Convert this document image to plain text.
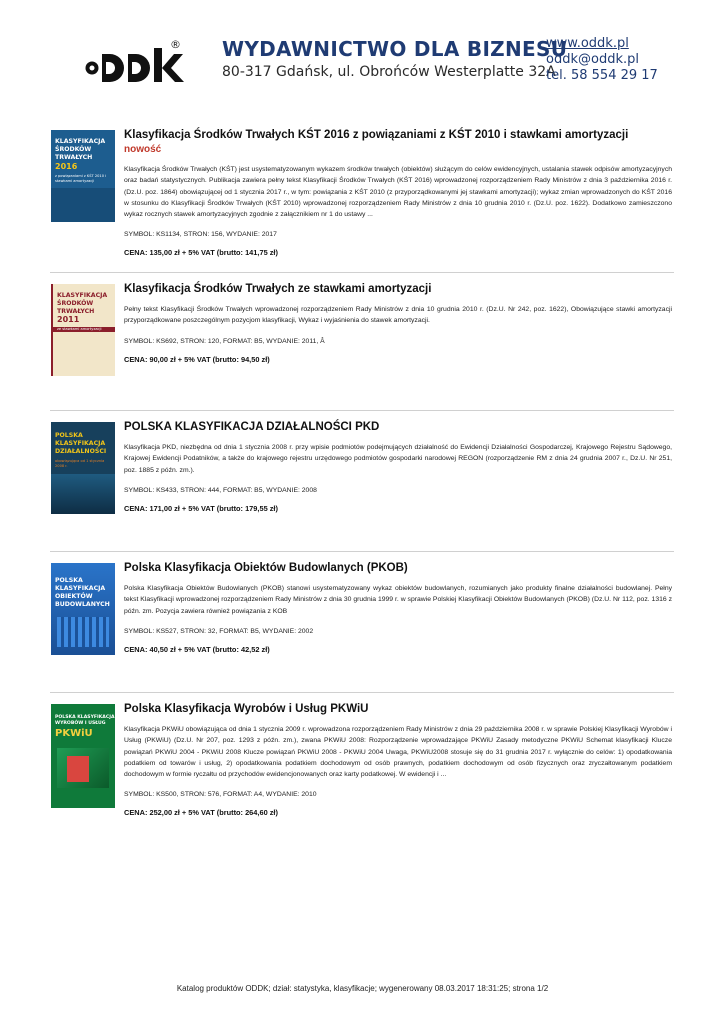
® WYDAWNICTWO DLA BIZNESU
80-317 Gdańsk, ul. Obrońców Westerplatte 32A
www.oddk.pl
oddk@oddk.pl
tel. 58 554 29 17
KLASYFIKACJA
ŚRODKÓW
TRWAŁYCH
2016
z powiązaniami z KŚT 2010 i stawkami amortyzacji
Klasyfikacja Środków Trwałych KŚT 2016 z powiązaniami z KŚT 2010 i stawkami amortyzacji
nowość
Klasyfikacja Środków Trwałych (KŚT) jest usystematyzowanym wykazem środków trwałych (obiektów) służącym do celów ewidencyjnych, ustalania stawek odpisów amortyzacyjnych oraz badań statystycznych. Publikacja zawiera pełny tekst Klasyfikacji Środków Trwałych (KŚT 2016) wprowadzonej rozporządzeniem Rady Ministrów z dnia 3 października 2016 r. (Dz.U. poz. 1864) obowiązującej od 1 stycznia 2017 r., w tym: powiązania z KŚT 2010 (z przyporządkowanymi jej stawkami amortyzacji); wykaz zmian wprowadzonych do KŚT 2016 w stosunku do Klasyfikacji Środków Trwałych (KŚT 2010) wprowadzonej rozporządzeniem Rady Ministrów z dnia 10 grudnia 2010 r. (Dz.U. poz. 1622). Dodatkowo zamieszczono wykaz rocznych stawek amortyzacyjnych zgodnie z załącznikiem nr 1 do ustawy ...
SYMBOL: KS1134, STRON: 156, WYDANIE: 2017
CENA: 135,00 zł + 5% VAT (brutto: 141,75 zł)
KLASYFIKACJA
ŚRODKÓW
TRWAŁYCH
2011
ze stawkami amortyzacji
Klasyfikacja Środków Trwałych ze stawkami amortyzacji
Pełny tekst Klasyfikacji Środków Trwałych wprowadzonej rozporządzeniem Rady Ministrów z dnia 10 grudnia 2010 r. (Dz.U. Nr 242, poz. 1622), Obowiązujące stawki amortyzacji przyporządkowane poszczególnym pozycjom klasyfikacji, Wykaz i wyjaśnienia do stawek amortyzacji.
SYMBOL: KS692, STRON: 120, FORMAT: B5, WYDANIE: 2011, Â
CENA: 90,00 zł + 5% VAT (brutto: 94,50 zł)
POLSKA
KLASYFIKACJA
DZIAŁALNOŚCI
obowiązująca od 1 stycznia 2008 r.
POLSKA KLASYFIKACJA DZIAŁALNOŚCI PKD
Klasyfikacja PKD, niezbędna od dnia 1 stycznia 2008 r. przy wpisie podmiotów podejmujących działalność do Ewidencji Działalności Gospodarczej, Krajowego Rejestru Sądowego, Krajowej Ewidencji Podatników, a także do krajowego rejestru urzędowego podmiotów gospodarki narodowej REGON (rozporządzenie RM z dnia 24 grudnia 2007 r., Dz.U. Nr 251, poz. 1885 z późn. zm.).
SYMBOL: KS433, STRON: 444, FORMAT: B5, WYDANIE: 2008
CENA: 171,00 zł + 5% VAT (brutto: 179,55 zł)
POLSKA
KLASYFIKACJA
OBIEKTÓW
BUDOWLANYCH
Polska Klasyfikacja Obiektów Budowlanych (PKOB)
Polska Klasyfikacja Obiektów Budowlanych (PKOB) stanowi usystematyzowany wykaz obiektów budowlanych, rozumianych jako produkty finalne działalności budowlanej. Pełny tekst Klasyfikacji wprowadzonej rozporządzeniem Rady Ministrów z dnia 30 grudnia 1999 r. w sprawie Polskiej Klasyfikacji Obiektów Budowlanych (PKOB) (Dz.U. Nr 112, poz. 1316 z późn. zm. Pozycja zawiera również powiązania z KOB
SYMBOL: KS527, STRON: 32, FORMAT: B5, WYDANIE: 2002
CENA: 40,50 zł + 5% VAT (brutto: 42,52 zł)
POLSKA KLASYFIKACJA
WYROBÓW I USŁUG
PKWiU
Polska Klasyfikacja Wyrobów i Usług PKWiU
Klasyfikacja PKWiU obowiązująca od dnia 1 stycznia 2009 r. wprowadzona rozporządzeniem Rady Ministrów z dnia 29 października 2008 r. w sprawie Polskiej Klasyfikacji Wyrobów i Usług (PKWiU) (Dz.U. Nr 207, poz. 1293 z późn. zm.), zwana PKWiU 2008: Rozporządzenie wprowadzające PKWiU Zasady metodyczne PKWiU Schemat klasyfikacji Klucze powiązań PKWiU 2004 - PKWiU 2008 Klucze powiązań PKWiU 2008 - PKWiU 2004 Uwaga, PKWiU2008 stosuje się do 31 grudnia 2017 r. wyłącznie do celów: 1) opodatkowania podatkiem od towarów i usług, 2) opodatkowania podatkiem dochodowym od osób prawnych, podatkiem dochodowym od osób fizycznych oraz zryczałtowanym podatkiem dochodowym w formie ryczałtu od przychodów ewidencjonowanych oraz karty podatkowej. W ewidencji i ...
SYMBOL: KS500, STRON: 576, FORMAT: A4, WYDANIE: 2010
CENA: 252,00 zł + 5% VAT (brutto: 264,60 zł)
Katalog produktów ODDK; dział: statystyka, klasyfikacje; wygenerowany 08.03.2017 18:31:25; strona 1/2
